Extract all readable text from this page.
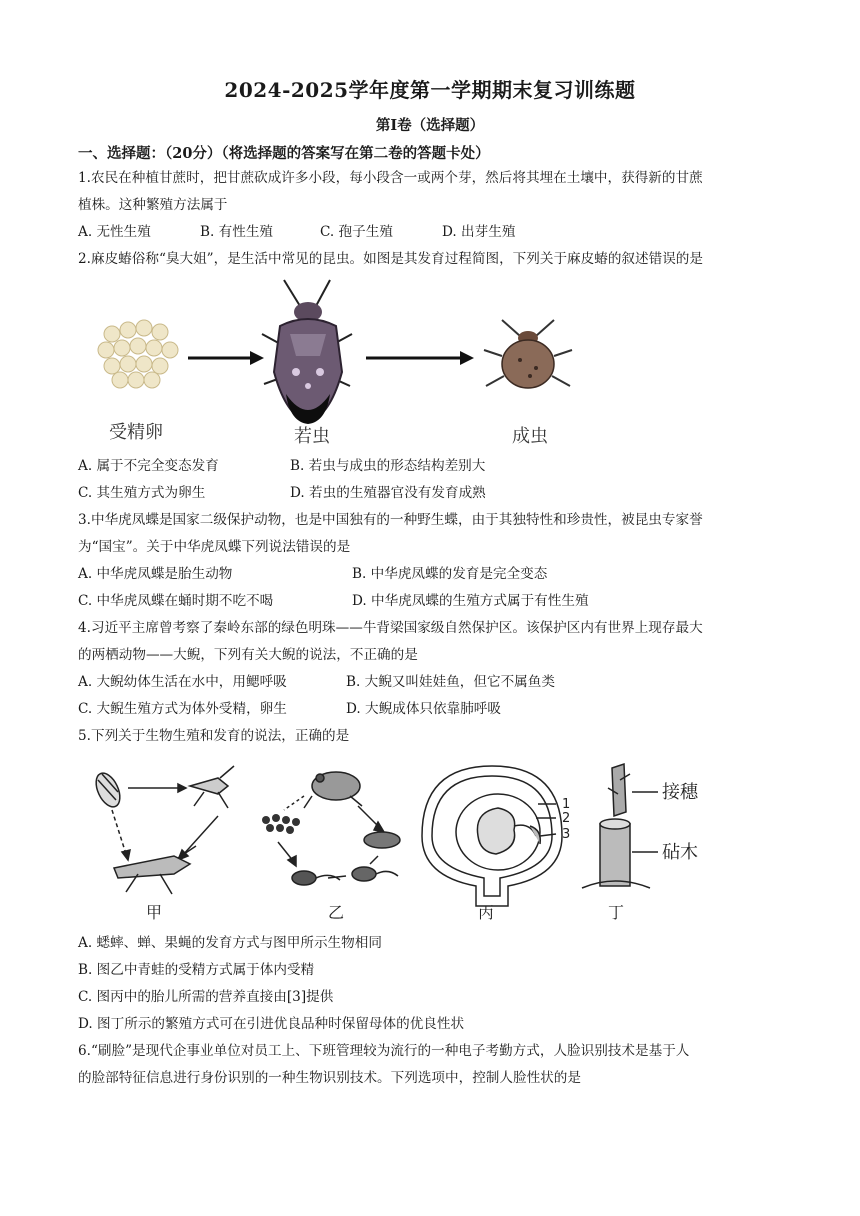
2024-2025学年度第一学期期末复习训练题
第Ⅰ卷（选择题）
一、选择题：（20分）（将选择题的答案写在第二卷的答题卡处）
1.农民在种植甘蔗时，把甘蔗砍成许多小段，每小段含一或两个芽，然后将其埋在土壤中，获得新的甘蔗
植株。这种繁殖方法属于
A. 无性生殖	B. 有性生殖	C. 孢子生殖	D. 出芽生殖
2.麻皮蝽俗称“臭大姐”，是生活中常见的昆虫。如图是其发育过程简图，下列关于麻皮蝽的叙述错误的是
受精卵	若虫	成虫
A. 属于不完全变态发育	B. 若虫与成虫的形态结构差别大
C. 其生殖方式为卵生	D. 若虫的生殖器官没有发育成熟
3.中华虎凤蝶是国家二级保护动物，也是中国独有的一种野生蝶，由于其独特性和珍贵性，被昆虫专家誉
为“国宝”。关于中华虎凤蝶下列说法错误的是
A. 中华虎凤蝶是胎生动物	B. 中华虎凤蝶的发育是完全变态
C. 中华虎凤蝶在蛹时期不吃不喝	D. 中华虎凤蝶的生殖方式属于有性生殖
4.习近平主席曾考察了秦岭东部的绿色明珠——牛背梁国家级自然保护区。该保护区内有世界上现存最大
的两栖动物——大鲵，下列有关大鲵的说法，不正确的是
A. 大鲵幼体生活在水中，用鳃呼吸	B. 大鲵又叫娃娃鱼，但它不属鱼类
C. 大鲵生殖方式为体外受精，卵生	D. 大鲵成体只依靠肺呼吸
5.下列关于生物生殖和发育的说法，正确的是
甲	乙
1
2
3
丙
接穗
砧木
丁
A. 蟋蟀、蝉、果蝇的发育方式与图甲所示生物相同
B. 图乙中青蛙的受精方式属于体内受精
C. 图丙中的胎儿所需的营养直接由[3]提供
D. 图丁所示的繁殖方式可在引进优良品种时保留母体的优良性状
6.“刷脸”是现代企事业单位对员工上、下班管理较为流行的一种电子考勤方式，人脸识别技术是基于人
的脸部特征信息进行身份识别的一种生物识别技术。下列选项中，控制人脸性状的是
